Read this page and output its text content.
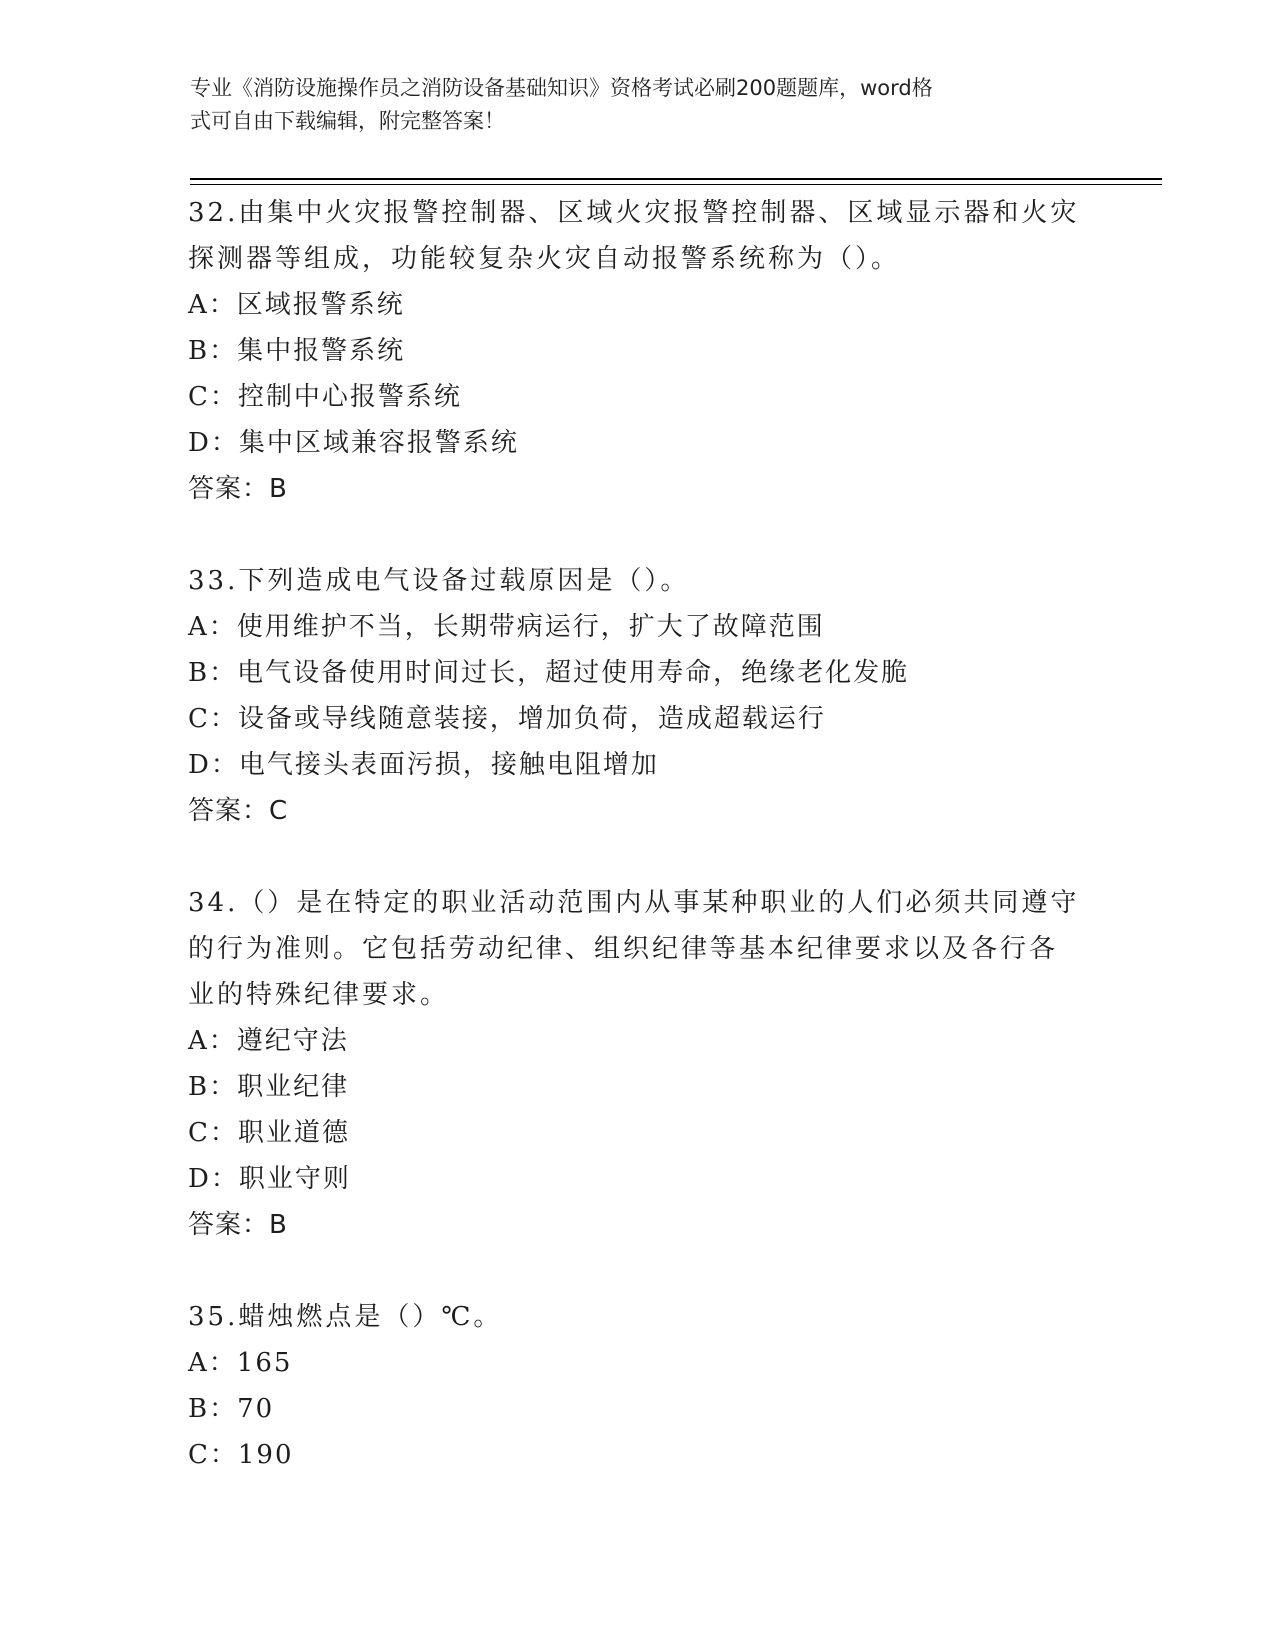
专业《消防设施操作员之消防设备基础知识》资格考试必刷200题题库，word格
式可自由下载编辑，附完整答案！
32.由集中火灾报警控制器、区域火灾报警控制器、区域显示器和火灾
探测器等组成，功能较复杂火灾自动报警系统称为（）。
A：区域报警系统
B：集中报警系统
C：控制中心报警系统
D：集中区域兼容报警系统
答案：B
33.下列造成电气设备过载原因是（）。
A：使用维护不当，长期带病运行，扩大了故障范围
B：电气设备使用时间过长，超过使用寿命，绝缘老化发脆
C：设备或导线随意装接，增加负荷，造成超载运行
D：电气接头表面污损，接触电阻增加
答案：C
34.（）是在特定的职业活动范围内从事某种职业的人们必须共同遵守
的行为准则。它包括劳动纪律、组织纪律等基本纪律要求以及各行各
业的特殊纪律要求。
A：遵纪守法
B：职业纪律
C：职业道德
D：职业守则
答案：B
35.蜡烛燃点是（）℃。
A：165
B：70
C：190
